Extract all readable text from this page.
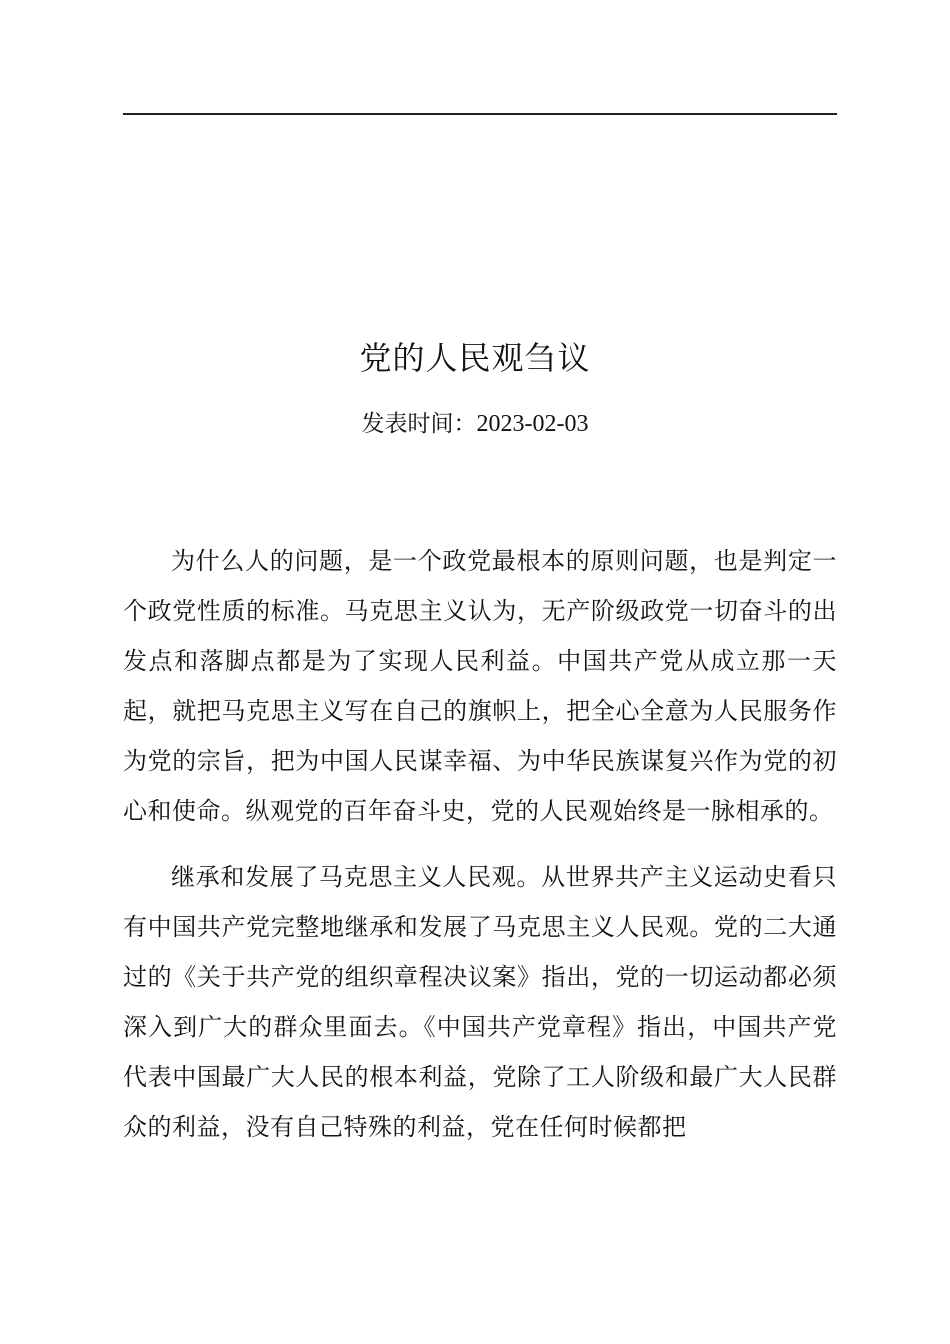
党的人民观刍议
发表时间：2023-02-03

为什么人的问题，是一个政党最根本的原则问题，也是判定一个政党性质的标准。马克思主义认为，无产阶级政党一切奋斗的出发点和落脚点都是为了实现人民利益。中国共产党从成立那一天起，就把马克思主义写在自己的旗帜上，把全心全意为人民服务作为党的宗旨，把为中国人民谋幸福、为中华民族谋复兴作为党的初心和使命。纵观党的百年奋斗史，党的人民观始终是一脉相承的。

继承和发展了马克思主义人民观。从世界共产主义运动史看只有中国共产党完整地继承和发展了马克思主义人民观。党的二大通过的《关于共产党的组织章程决议案》指出，党的一切运动都必须深入到广大的群众里面去。《中国共产党章程》指出，中国共产党代表中国最广大人民的根本利益，党除了工人阶级和最广大人民群众的利益，没有自己特殊的利益，党在任何时候都把
